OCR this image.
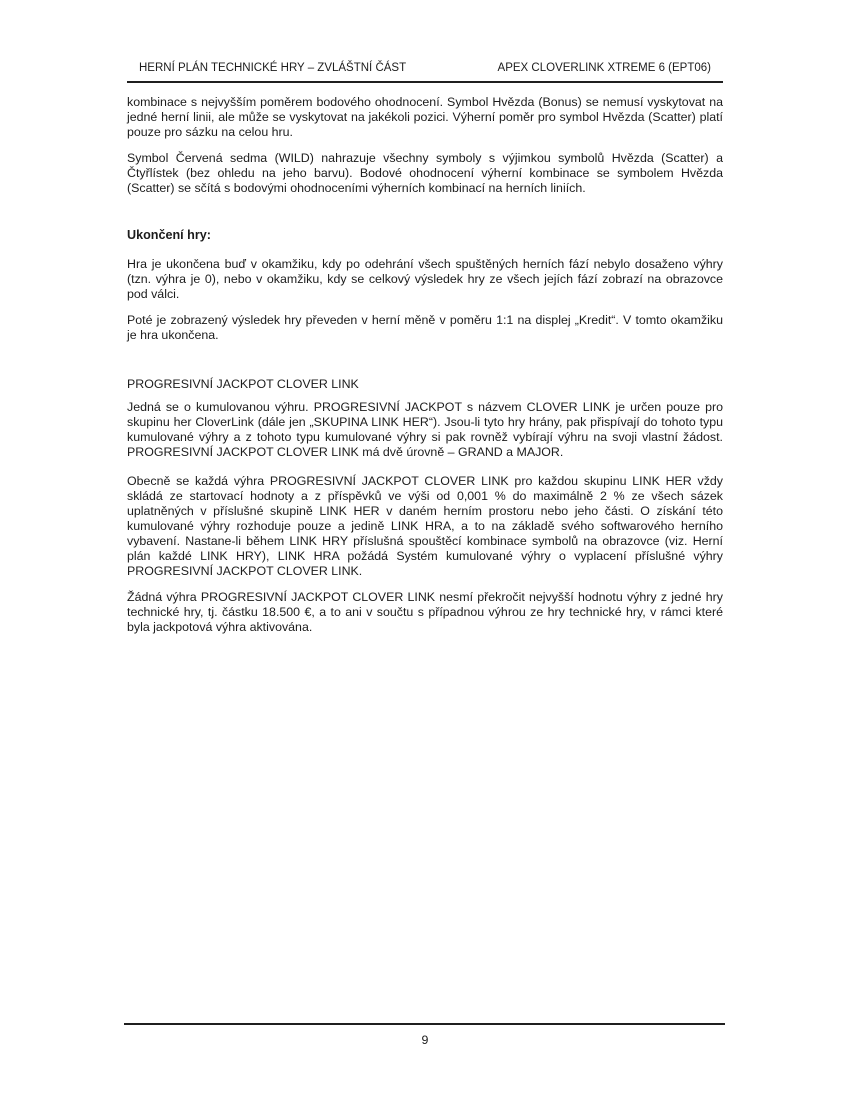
HERNÍ PLÁN TECHNICKÉ HRY – ZVLÁŠTNÍ ČÁST	APEX CLOVERLINK XTREME 6 (EPT06)

kombinace s nejvyšším poměrem bodového ohodnocení. Symbol Hvězda (Bonus) se nemusí vyskytovat na jedné herní linii, ale může se vyskytovat na jakékoli pozici. Výherní poměr pro symbol Hvězda (Scatter) platí pouze pro sázku na celou hru.

Symbol Červená sedma (WILD) nahrazuje všechny symboly s výjimkou symbolů Hvězda (Scatter) a Čtyřlístek (bez ohledu na jeho barvu). Bodové ohodnocení výherní kombinace se symbolem Hvězda (Scatter) se sčítá s bodovými ohodnoceními výherních kombinací na herních liniích.

Ukončení hry:

Hra je ukončena buď v okamžiku, kdy po odehrání všech spuštěných herních fází nebylo dosaženo výhry (tzn. výhra je 0), nebo v okamžiku, kdy se celkový výsledek hry ze všech jejích fází zobrazí na obrazovce pod válci.

Poté je zobrazený výsledek hry převeden v herní měně v poměru 1:1 na displej „Kredit“. V tomto okamžiku je hra ukončena.

PROGRESIVNÍ JACKPOT CLOVER LINK

Jedná se o kumulovanou výhru. PROGRESIVNÍ JACKPOT s názvem CLOVER LINK je určen pouze pro skupinu her CloverLink (dále jen „SKUPINA LINK HER“). Jsou-li tyto hry hrány, pak přispívají do tohoto typu kumulované výhry a z tohoto typu kumulované výhry si pak rovněž vybírají výhru na svoji vlastní žádost. PROGRESIVNÍ JACKPOT CLOVER LINK má dvě úrovně – GRAND a MAJOR.

Obecně se každá výhra PROGRESIVNÍ JACKPOT CLOVER LINK pro každou skupinu LINK HER vždy skládá ze startovací hodnoty a z příspěvků ve výši od 0,001 % do maximálně 2 % ze všech sázek uplatněných v příslušné skupině LINK HER v daném herním prostoru nebo jeho části. O získání této kumulované výhry rozhoduje pouze a jedině LINK HRA, a to na základě svého softwarového herního vybavení. Nastane-li během LINK HRY příslušná spouštěcí kombinace symbolů na obrazovce (viz. Herní plán každé LINK HRY), LINK HRA požádá Systém kumulované výhry o vyplacení příslušné výhry PROGRESIVNÍ JACKPOT CLOVER LINK.

Žádná výhra PROGRESIVNÍ JACKPOT CLOVER LINK nesmí překročit nejvyšší hodnotu výhry z jedné hry technické hry, tj. částku 18.500 €, a to ani v součtu s případnou výhrou ze hry technické hry, v rámci které byla jackpotová výhra aktivována.

9
